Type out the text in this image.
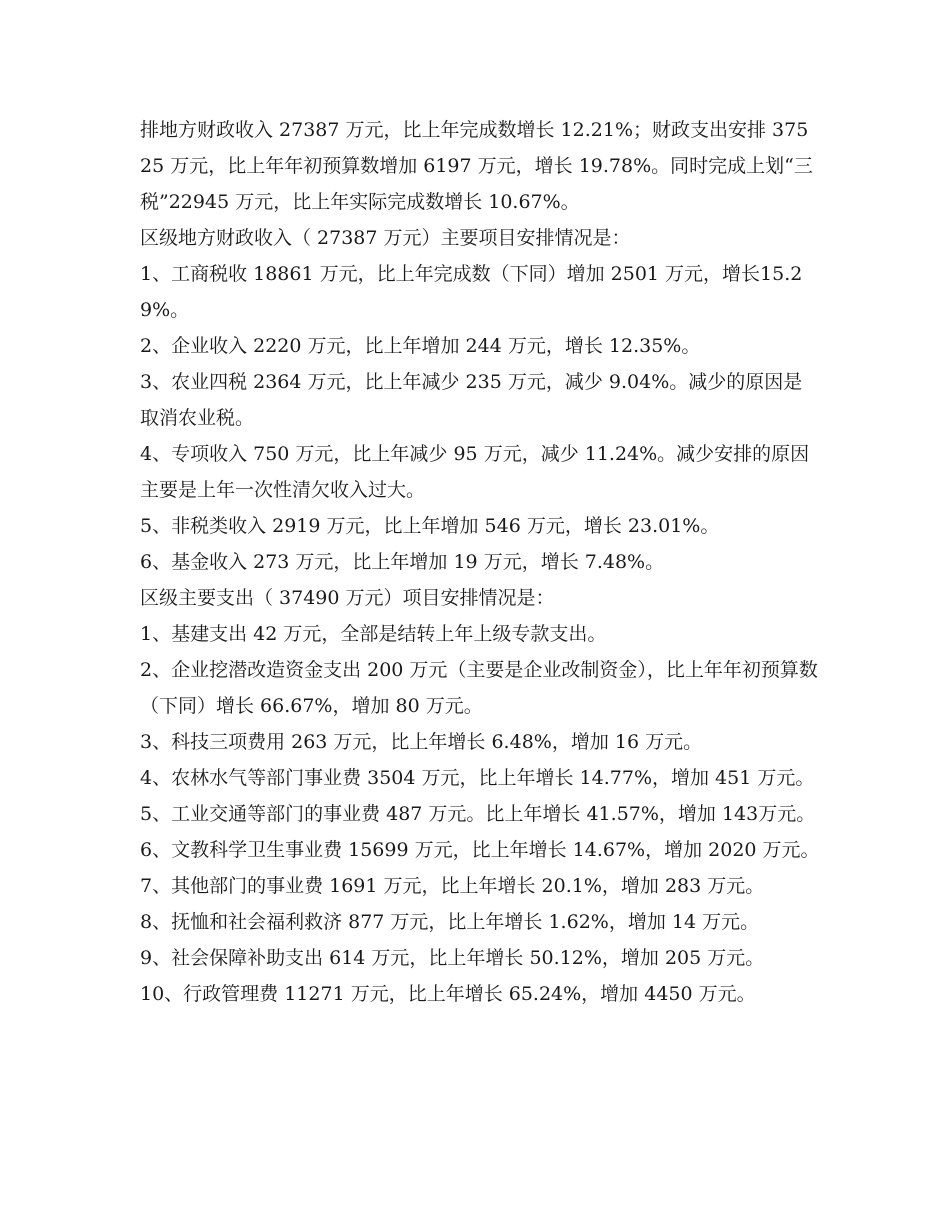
排地方财政收入 27387 万元，比上年完成数增长 12.21%；财政支出安排 37525 万元，比上年年初预算数增加 6197 万元，增长 19.78%。同时完成上划“三税”22945 万元，比上年实际完成数增长 10.67%。

区级地方财政收入（ 27387 万元）主要项目安排情况是：

1、工商税收 18861 万元，比上年完成数（下同）增加 2501 万元，增长15.29%。

2、企业收入 2220 万元，比上年增加 244 万元，增长 12.35%。

3、农业四税 2364 万元，比上年减少 235 万元，减少 9.04%。减少的原因是取消农业税。

4、专项收入 750 万元，比上年减少 95 万元，减少 11.24%。减少安排的原因主要是上年一次性清欠收入过大。

5、非税类收入 2919 万元，比上年增加 546 万元，增长 23.01%。

6、基金收入 273 万元，比上年增加 19 万元，增长 7.48%。

区级主要支出（ 37490 万元）项目安排情况是：

1、基建支出 42 万元，全部是结转上年上级专款支出。

2、企业挖潜改造资金支出 200 万元（主要是企业改制资金），比上年年初预算数（下同）增长 66.67%，增加 80 万元。

3、科技三项费用 263 万元，比上年增长 6.48%，增加 16 万元。

4、农林水气等部门事业费 3504 万元，比上年增长 14.77%，增加 451 万元。

5、工业交通等部门的事业费 487 万元。比上年增长 41.57%，增加 143万元。

6、文教科学卫生事业费 15699 万元，比上年增长 14.67%，增加 2020 万元。

7、其他部门的事业费 1691 万元，比上年增长 20.1%，增加 283 万元。

8、抚恤和社会福利救济 877 万元，比上年增长 1.62%，增加 14 万元。

9、社会保障补助支出 614 万元，比上年增长 50.12%，增加 205 万元。

10、行政管理费 11271 万元，比上年增长 65.24%，增加 4450 万元。
